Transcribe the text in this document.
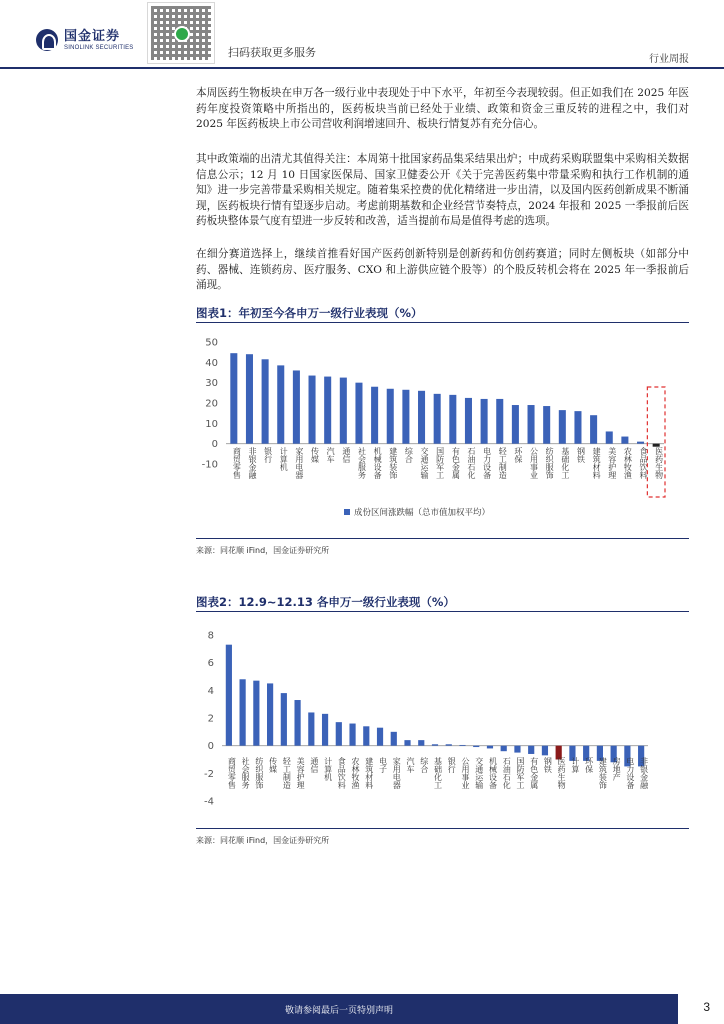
国金证券
SINOLINK SECURITIES	扫码获取更多服务
行业周报

本周医药生物板块在申万各一级行业中表现处于中下水平，年初至今表现较弱。但正如我们在 2025 年医药年度投资策略中所指出的，医药板块当前已经处于业绩、政策和资金三重反转的进程之中，我们对 2025 年医药板块上市公司营收利润增速回升、板块行情复苏有充分信心。

其中政策端的出清尤其值得关注：本周第十批国家药品集采结果出炉；中成药采购联盟集中采购相关数据信息公示；12 月 10 日国家医保局、国家卫健委公开《关于完善医药集中带量采购和执行工作机制的通知》进一步完善带量采购相关规定。随着集采控费的优化精绪进一步出清，以及国内医药创新成果不断涌现，医药板块行情有望逐步启动。考虑前期基数和企业经营节奏特点，2024 年报和 2025 一季报前后医药板块整体景气度有望进一步反转和改善，适当提前布局是值得考虑的选项。

在细分赛道选择上，继续首推看好国产医药创新特别是创新药和仿创药赛道；同时左侧板块（如部分中药、器械、连锁药房、医疗服务、CXO 和上游供应链个股等）的个股反转机会将在 2025 年一季报前后涌现。

图表1：年初至今各申万一级行业表现（%）
-10
0
10
20
30
40
50
商贸零售 非银金融 银行 计算机 家用电器 传媒 汽车 通信 社会服务 机械设备 建筑装饰 综合 交通运输 国防军工 有色金属 石油石化 电力设备 轻工制造 环保 公用事业 纺织服饰 基础化工 钢铁 建筑材料 美容护理 农林牧渔 食品饮料 医药生物
成份区间涨跌幅（总市值加权平均）
来源：同花顺 iFind，国金证券研究所
图表2：12.9~12.13 各申万一级行业表现（%）
-4
-2
0
2
4
6
8
商贸零售 社会服务 纺织服饰 传媒 轻工制造 美容护理 通信 计算机 食品饮料 农林牧渔 建筑材料 电子 家用电器 汽车 综合 基础化工 银行 公用事业 交通运输 机械设备 石油石化 国防军工 有色金属 钢铁 医药生物 计算 环保 建筑装饰 房地产 电力设备 非银金融
来源：同花顺 iFind，国金证券研究所
敬请参阅最后一页特别声明	3
